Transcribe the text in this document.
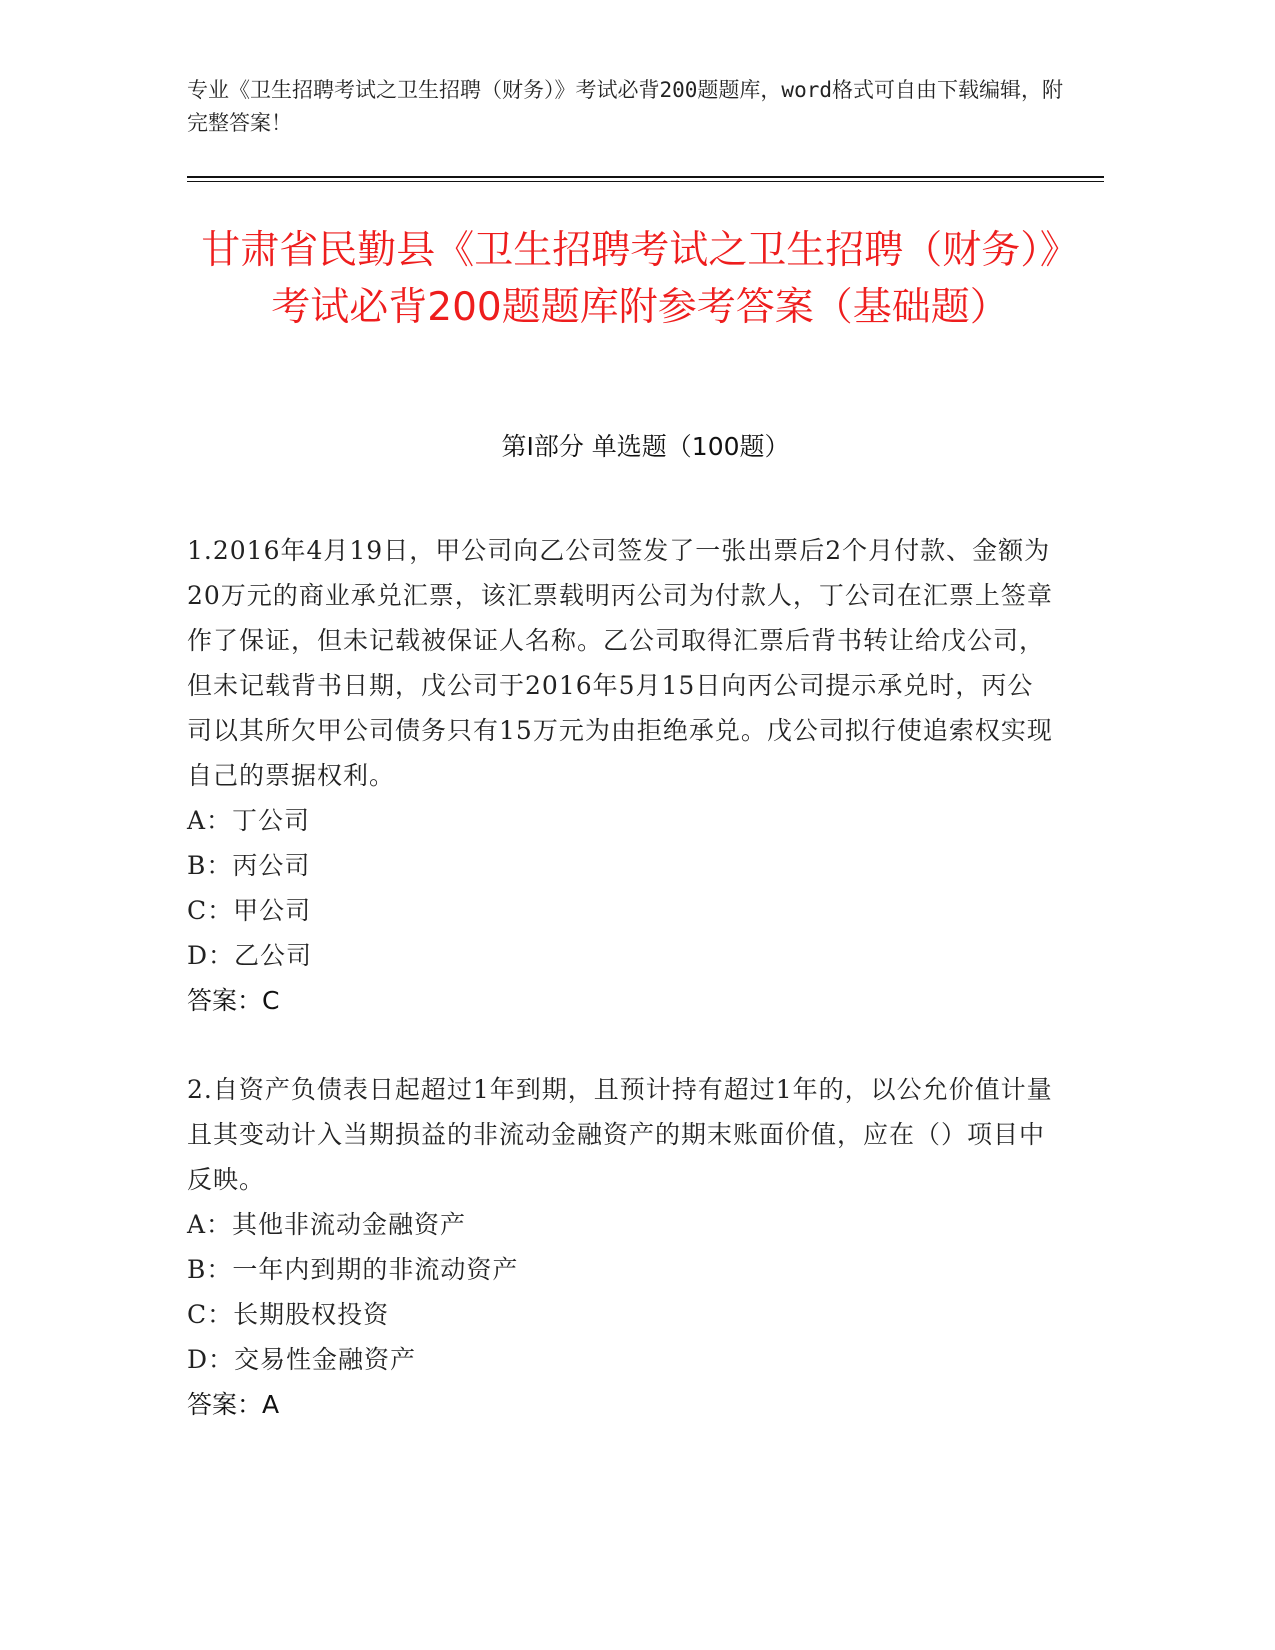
专业《卫生招聘考试之卫生招聘（财务）》考试必背200题题库，word格式可自由下载编辑，附完整答案！
甘肃省民勤县《卫生招聘考试之卫生招聘（财务）》考试必背200题题库附参考答案（基础题）
第Ⅰ部分 单选题（100题）
1.2016年4月19日，甲公司向乙公司签发了一张出票后2个月付款、金额为20万元的商业承兑汇票，该汇票载明丙公司为付款人，丁公司在汇票上签章作了保证，但未记载被保证人名称。乙公司取得汇票后背书转让给戊公司，但未记载背书日期，戊公司于2016年5月15日向丙公司提示承兑时，丙公司以其所欠甲公司债务只有15万元为由拒绝承兑。戊公司拟行使追索权实现自己的票据权利。
A：丁公司
B：丙公司
C：甲公司
D：乙公司
答案：C
2.自资产负债表日起超过1年到期，且预计持有超过1年的，以公允价值计量且其变动计入当期损益的非流动金融资产的期末账面价值，应在（）项目中反映。
A：其他非流动金融资产
B：一年内到期的非流动资产
C：长期股权投资
D：交易性金融资产
答案：A
